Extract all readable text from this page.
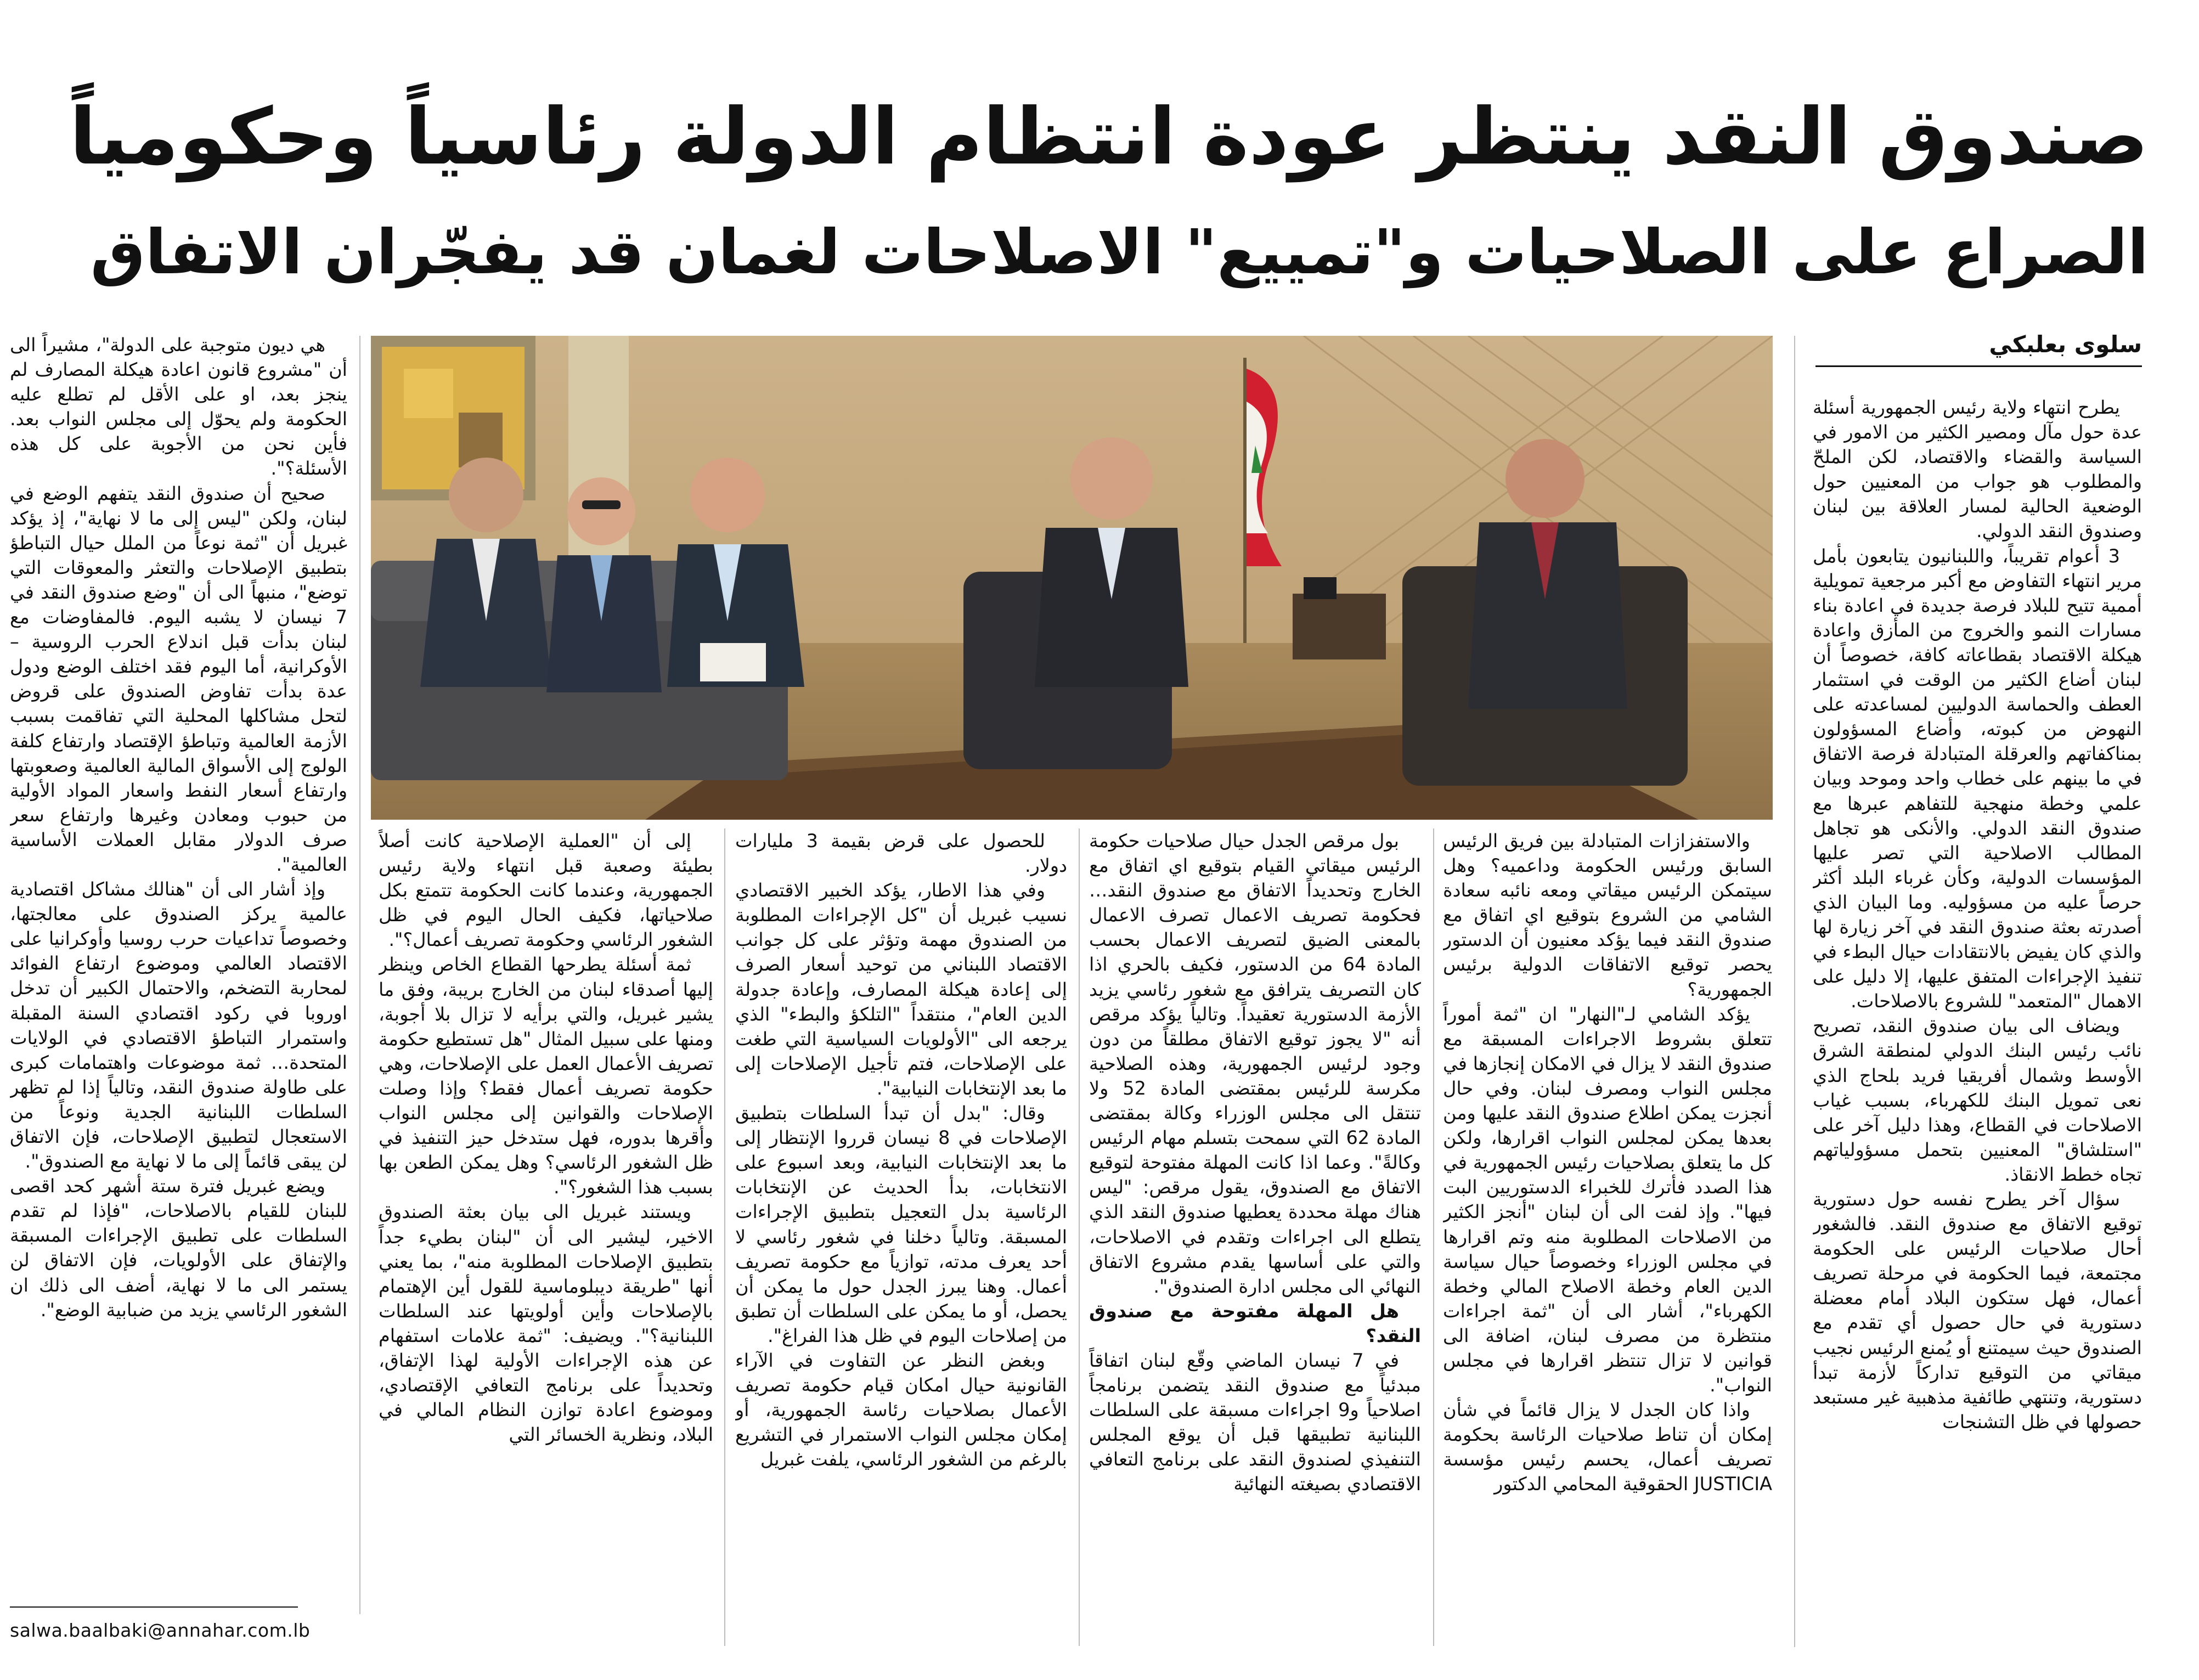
صندوق النقد ينتظر عودة انتظام الدولة رئاسياً وحكومياً
الصراع على الصلاحيات و"تمييع" الاصلاحات لغمان قد يفجّران الاتفاق
سلوى بعلبكي

يطرح انتهاء ولاية رئيس الجمهورية أسئلة عدة حول مآل ومصير الكثير من الامور في السياسة والقضاء والاقتصاد، لكن الملحّ والمطلوب هو جواب من المعنيين حول الوضعية الحالية لمسار العلاقة بين لبنان وصندوق النقد الدولي.

3 أعوام تقريباً، واللبنانيون يتابعون بأمل مرير انتهاء التفاوض مع أكبر مرجعية تمويلية أممية تتيح للبلاد فرصة جديدة في اعادة بناء مسارات النمو والخروج من المأزق واعادة هيكلة الاقتصاد بقطاعاته كافة، خصوصاً أن لبنان أضاع الكثير من الوقت في استثمار العطف والحماسة الدوليين لمساعدته على النهوض من كبوته، وأضاع المسؤولون بمناكفاتهم والعرقلة المتبادلة فرصة الاتفاق في ما بينهم على خطاب واحد وموحد وبيان علمي وخطة منهجية للتفاهم عبرها مع صندوق النقد الدولي. والأنكى هو تجاهل المطالب الاصلاحية التي تصر عليها المؤسسات الدولية، وكأن غرباء البلد أكثر حرصاً عليه من مسؤوليه. وما البيان الذي أصدرته بعثة صندوق النقد في آخر زيارة لها والذي كان يفيض بالانتقادات حيال البطء في تنفيذ الإجراءات المتفق عليها، إلا دليل على الاهمال "المتعمد" للشروع بالاصلاحات.

ويضاف الى بيان صندوق النقد، تصريح نائب رئيس البنك الدولي لمنطقة الشرق الأوسط وشمال أفريقيا فريد بلحاج الذي نعى تمويل البنك للكهرباء، بسبب غياب الاصلاحات في القطاع، وهذا دليل آخر على "استلشاق" المعنيين بتحمل مسؤولياتهم تجاه خطط الانقاذ.

سؤال آخر يطرح نفسه حول دستورية توقيع الاتفاق مع صندوق النقد. فالشغور أحال صلاحيات الرئيس على الحكومة مجتمعة، فيما الحكومة في مرحلة تصريف أعمال، فهل ستكون البلاد أمام معضلة دستورية في حال حصول أي تقدم مع الصندوق حيث سيمتنع أو يُمنع الرئيس نجيب ميقاتي من التوقيع تداركاً لأزمة تبدأ دستورية، وتنتهي طائفية مذهبية غير مستبعد حصولها في ظل التشنجات

والاستفزازات المتبادلة بين فريق الرئيس السابق ورئيس الحكومة وداعميه؟ وهل سيتمكن الرئيس ميقاتي ومعه نائبه سعادة الشامي من الشروع بتوقيع اي اتفاق مع صندوق النقد فيما يؤكد معنيون أن الدستور يحصر توقيع الاتفاقات الدولية برئيس الجمهورية؟

يؤكد الشامي لـ"النهار" ان "ثمة أموراً تتعلق بشروط الاجراءات المسبقة مع صندوق النقد لا يزال في الامكان إنجازها في مجلس النواب ومصرف لبنان. وفي حال أنجزت يمكن اطلاع صندوق النقد عليها ومن بعدها يمكن لمجلس النواب اقرارها، ولكن كل ما يتعلق بصلاحيات رئيس الجمهورية في هذا الصدد فأترك للخبراء الدستوريين البت فيها". وإذ لفت الى أن لبنان "أنجز الكثير من الاصلاحات المطلوبة منه وتم اقرارها في مجلس الوزراء وخصوصاً حيال سياسة الدين العام وخطة الاصلاح المالي وخطة الكهرباء"، أشار الى أن "ثمة اجراءات منتظرة من مصرف لبنان، اضافة الى قوانين لا تزال تنتظر اقرارها في مجلس النواب".

واذا كان الجدل لا يزال قائماً في شأن إمكان أن تناط صلاحيات الرئاسة بحكومة تصريف أعمال، يحسم رئيس مؤسسة JUSTICIA الحقوقية المحامي الدكتور

بول مرقص الجدل حيال صلاحيات حكومة الرئيس ميقاتي القيام بتوقيع اي اتفاق مع الخارج وتحديداً الاتفاق مع صندوق النقد… فحكومة تصريف الاعمال تصرف الاعمال بالمعنى الضيق لتصريف الاعمال بحسب المادة 64 من الدستور، فكيف بالحري اذا كان التصريف يترافق مع شغور رئاسي يزيد الأزمة الدستورية تعقيداً. وتالياً يؤكد مرقص أنه "لا يجوز توقيع الاتفاق مطلقاً من دون وجود لرئيس الجمهورية، وهذه الصلاحية مكرسة للرئيس بمقتضى المادة 52 ولا تنتقل الى مجلس الوزراء وكالة بمقتضى المادة 62 التي سمحت بتسلم مهام الرئيس وكالةً". وعما اذا كانت المهلة مفتوحة لتوقيع الاتفاق مع الصندوق، يقول مرقص: "ليس هناك مهلة محددة يعطيها صندوق النقد الذي يتطلع الى اجراءات وتقدم في الاصلاحات، والتي على أساسها يقدم مشروع الاتفاق النهائي الى مجلس ادارة الصندوق".

هل المهلة مفتوحة مع صندوق النقد؟

في 7 نيسان الماضي وقّع لبنان اتفاقاً مبدئياً مع صندوق النقد يتضمن برنامجاً اصلاحياً و9 اجراءات مسبقة على السلطات اللبنانية تطبيقها قبل أن يوقع المجلس التنفيذي لصندوق النقد على برنامج التعافي الاقتصادي بصيغته النهائية

للحصول على قرض بقيمة 3 مليارات دولار.

وفي هذا الاطار، يؤكد الخبير الاقتصادي نسيب غبريل أن "كل الإجراءات المطلوبة من الصندوق مهمة وتؤثر على كل جوانب الاقتصاد اللبناني من توحيد أسعار الصرف إلى إعادة هيكلة المصارف، وإعادة جدولة الدين العام"، منتقداً "التلكؤ والبطء" الذي يرجعه الى "الأولويات السياسية التي طغت على الإصلاحات، فتم تأجيل الإصلاحات إلى ما بعد الإنتخابات النيابية".

وقال: "بدل أن تبدأ السلطات بتطبيق الإصلاحات في 8 نيسان قرروا الإنتظار إلى ما بعد الإنتخابات النيابية، وبعد اسبوع على الانتخابات، بدأ الحديث عن الإنتخابات الرئاسية بدل التعجيل بتطبيق الإجراءات المسبقة. وتالياً دخلنا في شغور رئاسي لا أحد يعرف مدته، توازياً مع حكومة تصريف أعمال. وهنا يبرز الجدل حول ما يمكن أن يحصل، أو ما يمكن على السلطات أن تطبق من إصلاحات اليوم في ظل هذا الفراغ".

وبغض النظر عن التفاوت في الآراء القانونية حيال امكان قيام حكومة تصريف الأعمال بصلاحيات رئاسة الجمهورية، أو إمكان مجلس النواب الاستمرار في التشريع بالرغم من الشغور الرئاسي، يلفت غبريل

إلى أن "العملية الإصلاحية كانت أصلاً بطيئة وصعبة قبل انتهاء ولاية رئيس الجمهورية، وعندما كانت الحكومة تتمتع بكل صلاحياتها، فكيف الحال اليوم في ظل الشغور الرئاسي وحكومة تصريف أعمال؟".

ثمة أسئلة يطرحها القطاع الخاص وينظر إليها أصدقاء لبنان من الخارج بريبة، وفق ما يشير غبريل، والتي برأيه لا تزال بلا أجوبة، ومنها على سبيل المثال "هل تستطيع حكومة تصريف الأعمال العمل على الإصلاحات، وهي حكومة تصريف أعمال فقط؟ وإذا وصلت الإصلاحات والقوانين إلى مجلس النواب وأقرها بدوره، فهل ستدخل حيز التنفيذ في ظل الشغور الرئاسي؟ وهل يمكن الطعن بها بسبب هذا الشغور؟".

ويستند غبريل الى بيان بعثة الصندوق الاخير، ليشير الى أن "لبنان بطيء جداً بتطبيق الإصلاحات المطلوبة منه"، بما يعني أنها "طريقة ديبلوماسية للقول أين الإهتمام بالإصلاحات وأين أولويتها عند السلطات اللبنانية؟". ويضيف: "ثمة علامات استفهام عن هذه الإجراءات الأولية لهذا الإتفاق، وتحديداً على برنامج التعافي الإقتصادي، وموضوع اعادة توازن النظام المالي في البلاد، ونظرية الخسائر التي

هي ديون متوجبة على الدولة"، مشيراً الى أن "مشروع قانون اعادة هيكلة المصارف لم ينجز بعد، او على الأقل لم تطلع عليه الحكومة ولم يحوّل إلى مجلس النواب بعد. فأين نحن من الأجوبة على كل هذه الأسئلة؟".

صحيح أن صندوق النقد يتفهم الوضع في لبنان، ولكن "ليس إلى ما لا نهاية"، إذ يؤكد غبريل أن "ثمة نوعاً من الملل حيال التباطؤ بتطبيق الإصلاحات والتعثر والمعوقات التي توضع"، منبهاً الى أن "وضع صندوق النقد في 7 نيسان لا يشبه اليوم. فالمفاوضات مع لبنان بدأت قبل اندلاع الحرب الروسية – الأوكرانية، أما اليوم فقد اختلف الوضع ودول عدة بدأت تفاوض الصندوق على قروض لتحل مشاكلها المحلية التي تفاقمت بسبب الأزمة العالمية وتباطؤ الإقتصاد وارتفاع كلفة الولوج إلى الأسواق المالية العالمية وصعوبتها وارتفاع أسعار النفط واسعار المواد الأولية من حبوب ومعادن وغيرها وارتفاع سعر صرف الدولار مقابل العملات الأساسية العالمية".

وإذ أشار الى أن "هنالك مشاكل اقتصادية عالمية يركز الصندوق على معالجتها، وخصوصاً تداعيات حرب روسيا وأوكرانيا على الاقتصاد العالمي وموضوع ارتفاع الفوائد لمحاربة التضخم، والاحتمال الكبير أن تدخل اوروبا في ركود اقتصادي السنة المقبلة واستمرار التباطؤ الاقتصادي في الولايات المتحدة… ثمة موضوعات واهتمامات كبرى على طاولة صندوق النقد، وتالياً إذا لم تظهر السلطات اللبنانية الجدية ونوعاً من الاستعجال لتطبيق الإصلاحات، فإن الاتفاق لن يبقى قائماً إلى ما لا نهاية مع الصندوق".

ويضع غبريل فترة ستة أشهر كحد اقصى للبنان للقيام بالاصلاحات، "فإذا لم تقدم السلطات على تطبيق الإجراءات المسبقة والإتفاق على الأولويات، فإن الاتفاق لن يستمر الى ما لا نهاية، أضف الى ذلك ان الشغور الرئاسي يزيد من ضبابية الوضع".

salwa.baalbaki@annahar.com.lb
